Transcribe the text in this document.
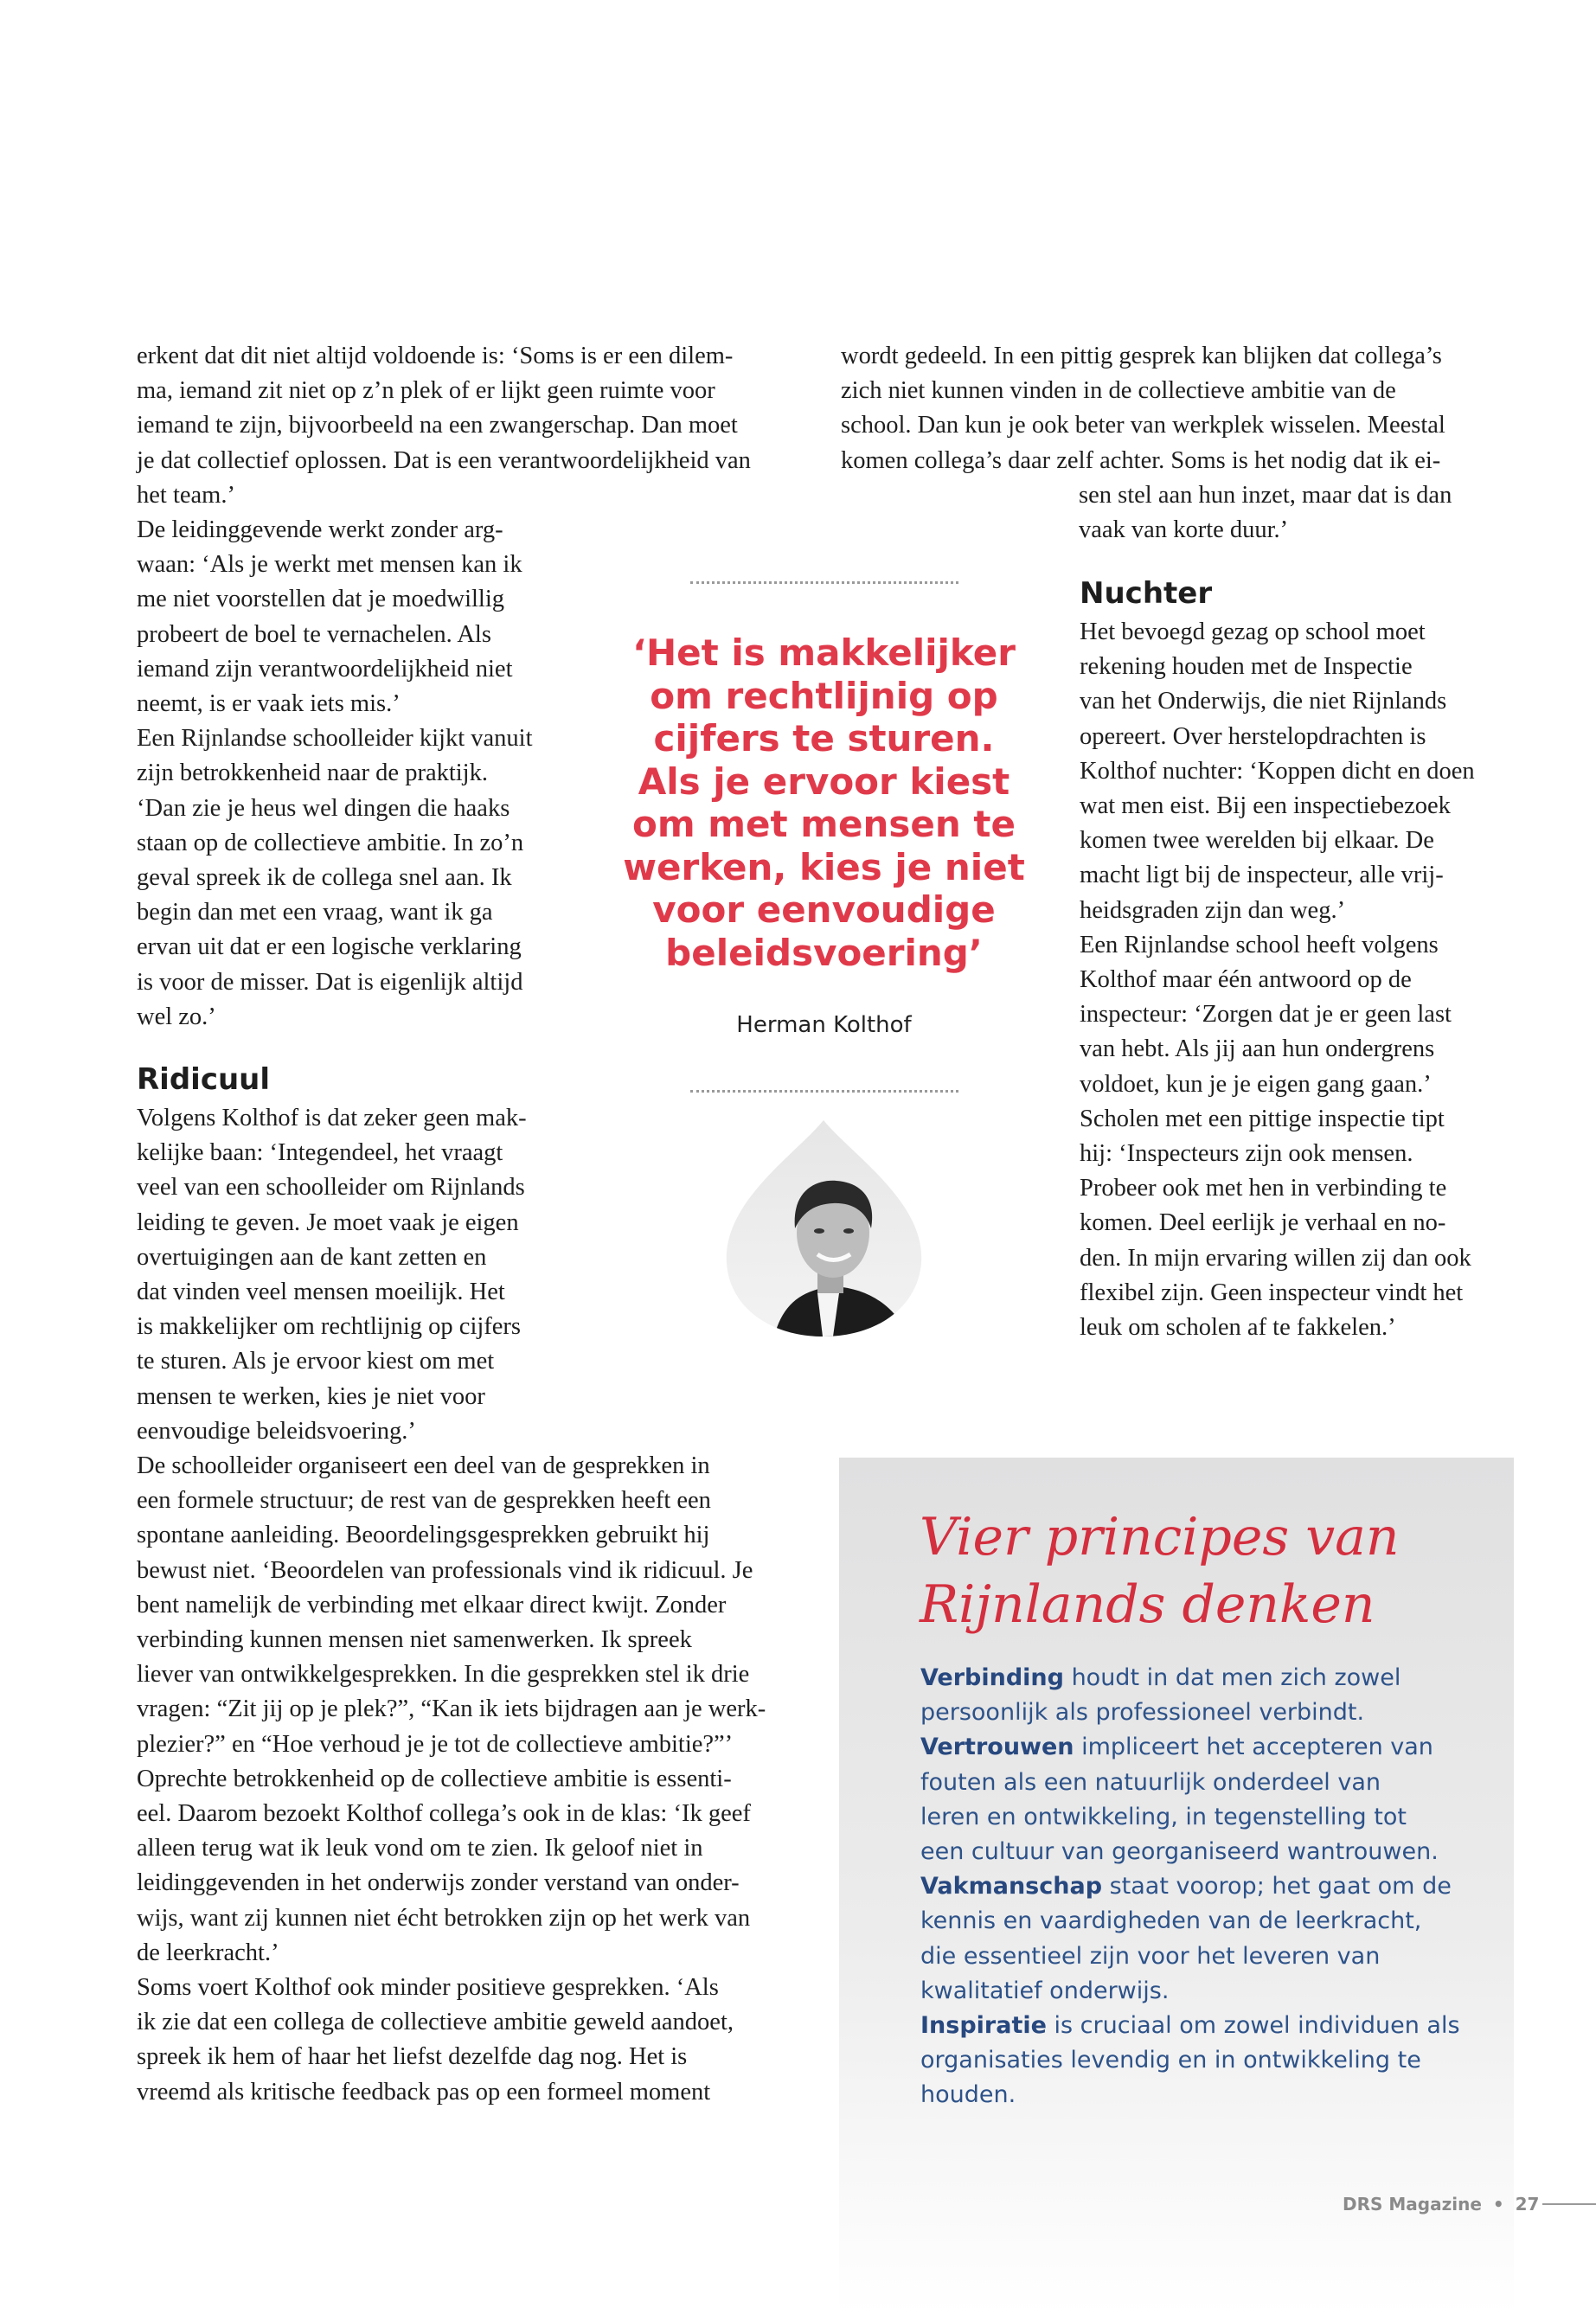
erkent dat dit niet altijd voldoende is: ‘Soms is er een dilem-
ma, iemand zit niet op z’n plek of er lijkt geen ruimte voor
iemand te zijn, bijvoorbeeld na een zwangerschap. Dan moet
je dat collectief oplossen. Dat is een verantwoordelijkheid van
het team.’
De leidinggevende werkt zonder arg-
waan: ‘Als je werkt met mensen kan ik
me niet voorstellen dat je moedwillig
probeert de boel te vernachelen. Als
iemand zijn verantwoordelijkheid niet
neemt, is er vaak iets mis.’
Een Rijnlandse schoolleider kijkt vanuit
zijn betrokkenheid naar de praktijk.
‘Dan zie je heus wel dingen die haaks
staan op de collectieve ambitie. In zo’n
geval spreek ik de collega snel aan. Ik
begin dan met een vraag, want ik ga
ervan uit dat er een logische verklaring
is voor de misser. Dat is eigenlijk altijd
wel zo.’
Ridicuul
Volgens Kolthof is dat zeker geen mak-
kelijke baan: ‘Integendeel, het vraagt
veel van een schoolleider om Rijnlands
leiding te geven. Je moet vaak je eigen
overtuigingen aan de kant zetten en
dat vinden veel mensen moeilijk. Het
is makkelijker om rechtlijnig op cijfers
te sturen. Als je ervoor kiest om met
mensen te werken, kies je niet voor
eenvoudige beleidsvoering.’
De schoolleider organiseert een deel van de gesprekken in
een formele structuur; de rest van de gesprekken heeft een
spontane aanleiding. Beoordelingsgesprekken gebruikt hij
bewust niet. ‘Beoordelen van professionals vind ik ridicuul. Je
bent namelijk de verbinding met elkaar direct kwijt. Zonder
verbinding kunnen mensen niet samenwerken. Ik spreek
liever van ontwikkelgesprekken. In die gesprekken stel ik drie
vragen: “Zit jij op je plek?”, “Kan ik iets bijdragen aan je werk-
plezier?” en “Hoe verhoud je je tot de collectieve ambitie?”’
Oprechte betrokkenheid op de collectieve ambitie is essenti-
eel. Daarom bezoekt Kolthof collega’s ook in de klas: ‘Ik geef
alleen terug wat ik leuk vond om te zien. Ik geloof niet in
leidinggevenden in het onderwijs zonder verstand van onder-
wijs, want zij kunnen niet écht betrokken zijn op het werk van
de leerkracht.’
Soms voert Kolthof ook minder positieve gesprekken. ‘Als
ik zie dat een collega de collectieve ambitie geweld aandoet,
spreek ik hem of haar het liefst dezelfde dag nog. Het is
vreemd als kritische feedback pas op een formeel moment
wordt gedeeld. In een pittig gesprek kan blijken dat collega’s
zich niet kunnen vinden in de collectieve ambitie van de
school. Dan kun je ook beter van werkplek wisselen. Meestal
komen collega’s daar zelf achter. Soms is het nodig dat ik ei-
sen stel aan hun inzet, maar dat is dan
vaak van korte duur.’
Nuchter
Het bevoegd gezag op school moet
rekening houden met de Inspectie
van het Onderwijs, die niet Rijnlands
opereert. Over herstelopdrachten is
Kolthof nuchter: ‘Koppen dicht en doen
wat men eist. Bij een inspectiebezoek
komen twee werelden bij elkaar. De
macht ligt bij de inspecteur, alle vrij-
heidsgraden zijn dan weg.’
Een Rijnlandse school heeft volgens
Kolthof maar één antwoord op de
inspecteur: ‘Zorgen dat je er geen last
van hebt. Als jij aan hun ondergrens
voldoet, kun je je eigen gang gaan.’
Scholen met een pittige inspectie tipt
hij: ‘Inspecteurs zijn ook mensen.
Probeer ook met hen in verbinding te
komen. Deel eerlijk je verhaal en no-
den. In mijn ervaring willen zij dan ook
flexibel zijn. Geen inspecteur vindt het
leuk om scholen af te fakkelen.’
‘Het is makkelijker
om rechtlijnig op
cijfers te sturen.
Als je ervoor kiest
om met mensen te
werken, kies je niet
voor eenvoudige
beleidsvoering’
Herman Kolthof
Vier principes van
Rijnlands denken
Verbinding houdt in dat men zich zowel
persoonlijk als professioneel verbindt.
Vertrouwen impliceert het accepteren van
fouten als een natuurlijk onderdeel van
leren en ontwikkeling, in tegenstelling tot
een cultuur van georganiseerd wantrouwen.
Vakmanschap staat voorop; het gaat om de
kennis en vaardigheden van de leerkracht,
die essentieel zijn voor het leveren van
kwalitatief onderwijs.
Inspiratie is cruciaal om zowel individuen als
organisaties levendig en in ontwikkeling te
houden.
DRS Magazine • 27
